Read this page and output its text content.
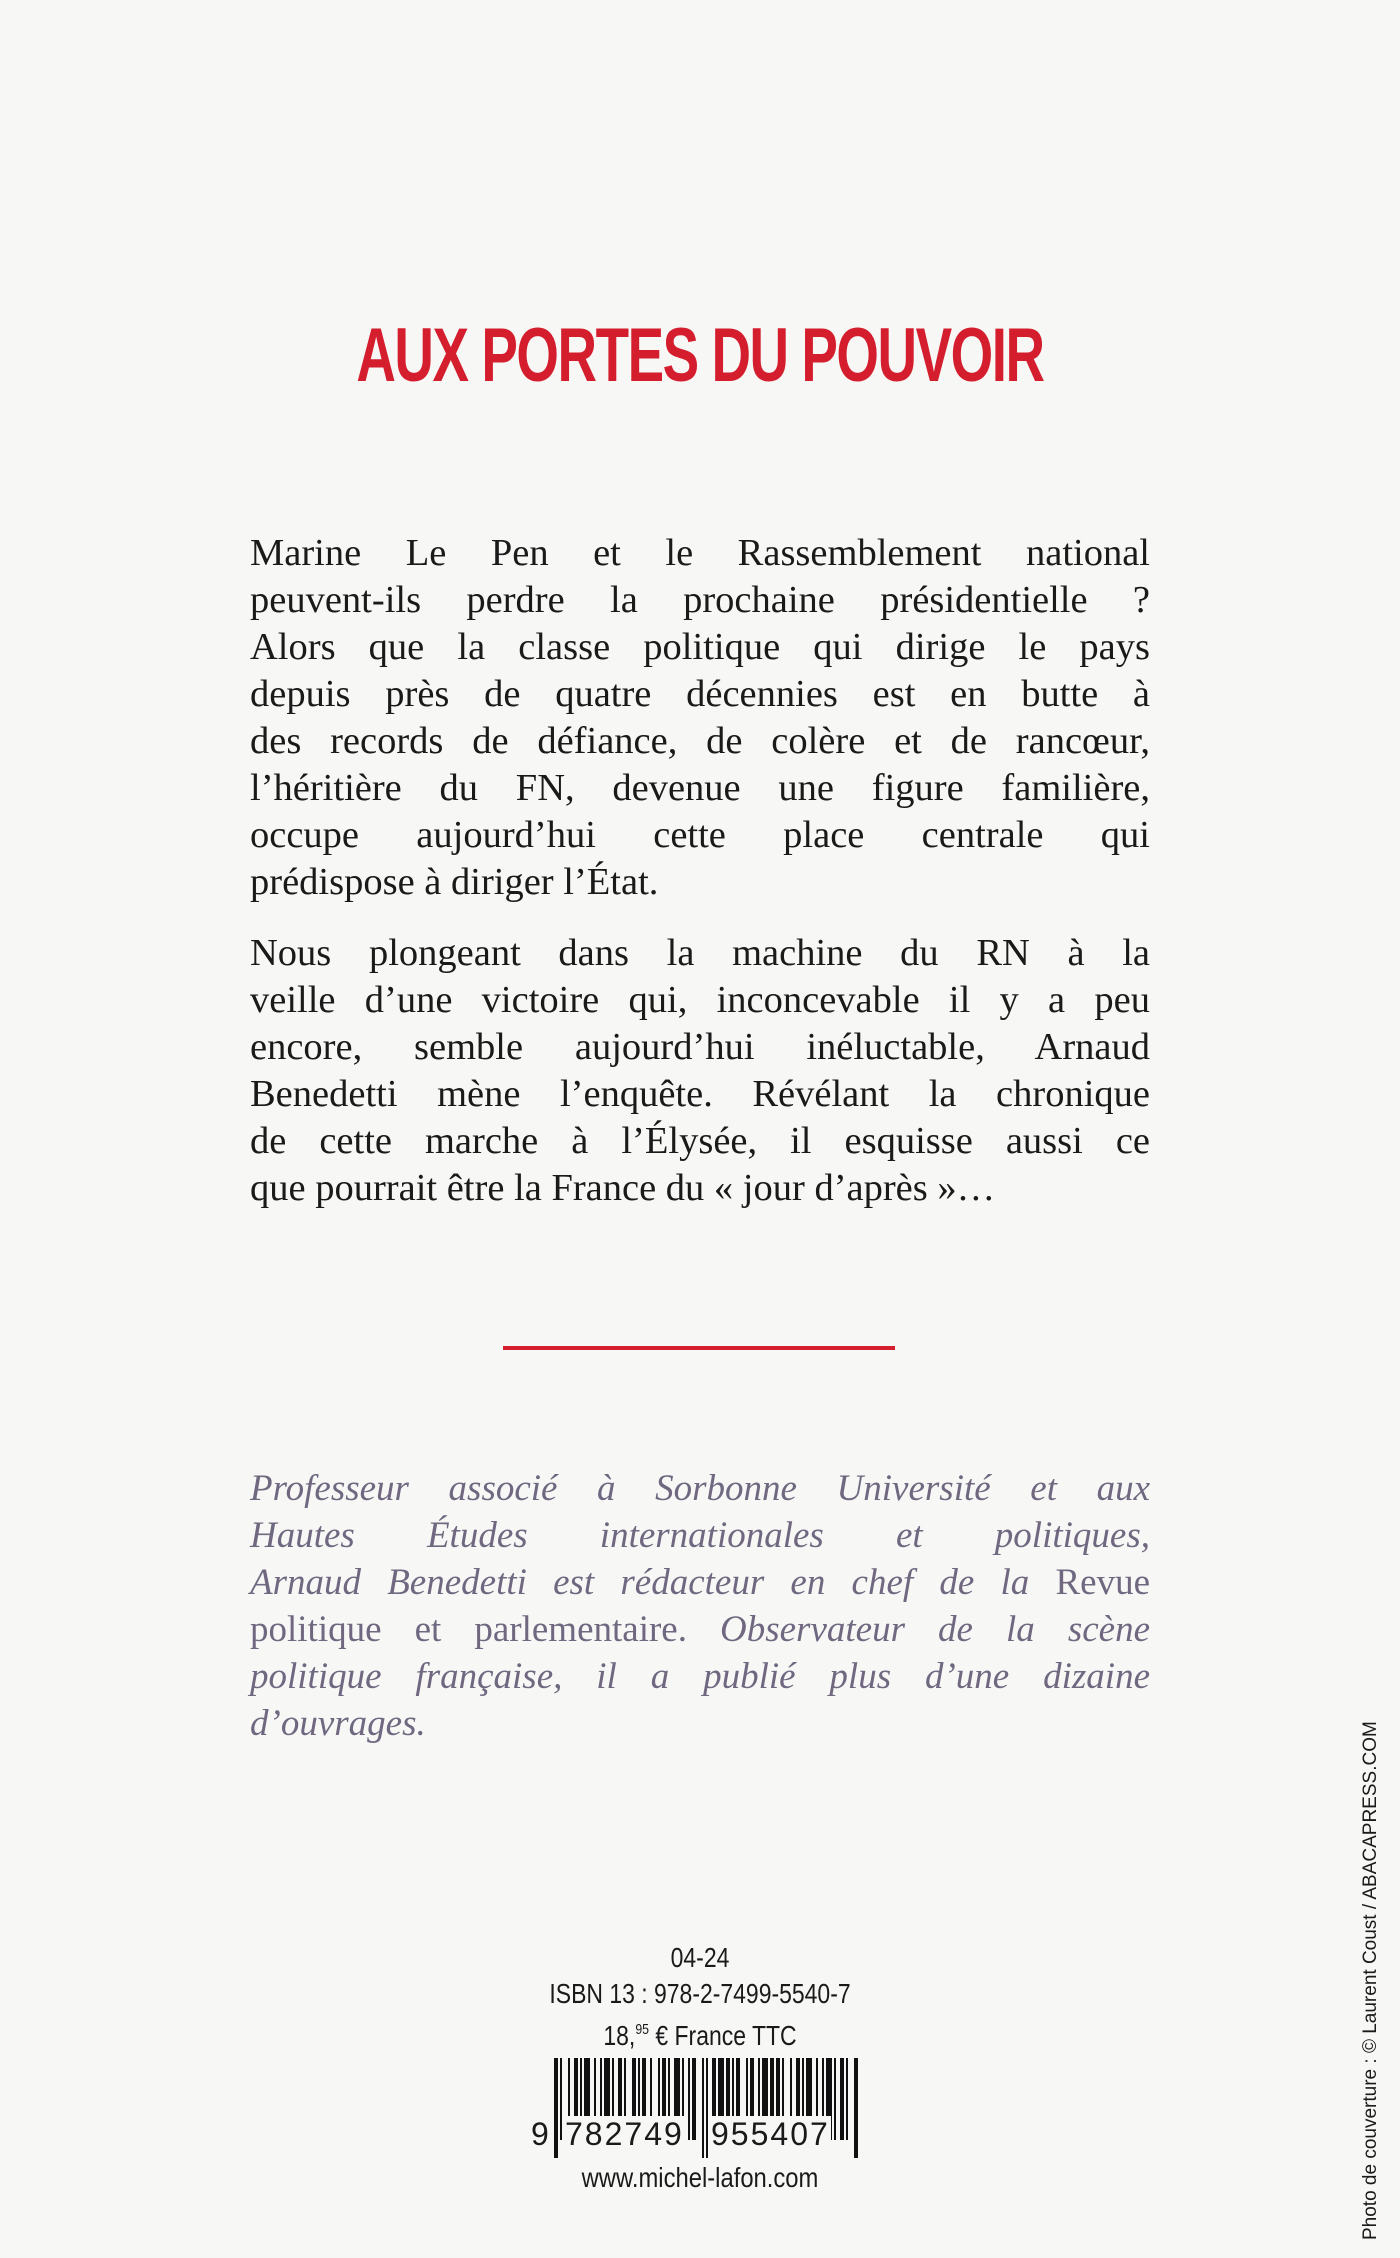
AUX PORTES DU POUVOIR
Marine Le Pen et le Rassemblement national
peuvent-ils perdre la prochaine présidentielle ?
Alors que la classe politique qui dirige le pays
depuis près de quatre décennies est en butte à
des records de défiance, de colère et de rancœur,
l’héritière du FN, devenue une figure familière,
occupe aujourd’hui cette place centrale qui
prédispose à diriger l’État.
Nous plongeant dans la machine du RN à la
veille d’une victoire qui, inconcevable il y a peu
encore, semble aujourd’hui inéluctable, Arnaud
Benedetti mène l’enquête. Révélant la chronique
de cette marche à l’Élysée, il esquisse aussi ce
que pourrait être la France du « jour d’après »…
Professeur associé à Sorbonne Université et aux
Hautes Études internationales et politiques,
Arnaud Benedetti est rédacteur en chef de la Revue
politique et parlementaire. Observateur de la scène
politique française, il a publié plus d’une dizaine
d’ouvrages.	Photo de couverture : © Laurent Coust / ABACAPRESS.COM
04-24
ISBN 13 : 978-2-7499-5540-7
18,95 € France TTC
9 782749 955407
www.michel-lafon.com
